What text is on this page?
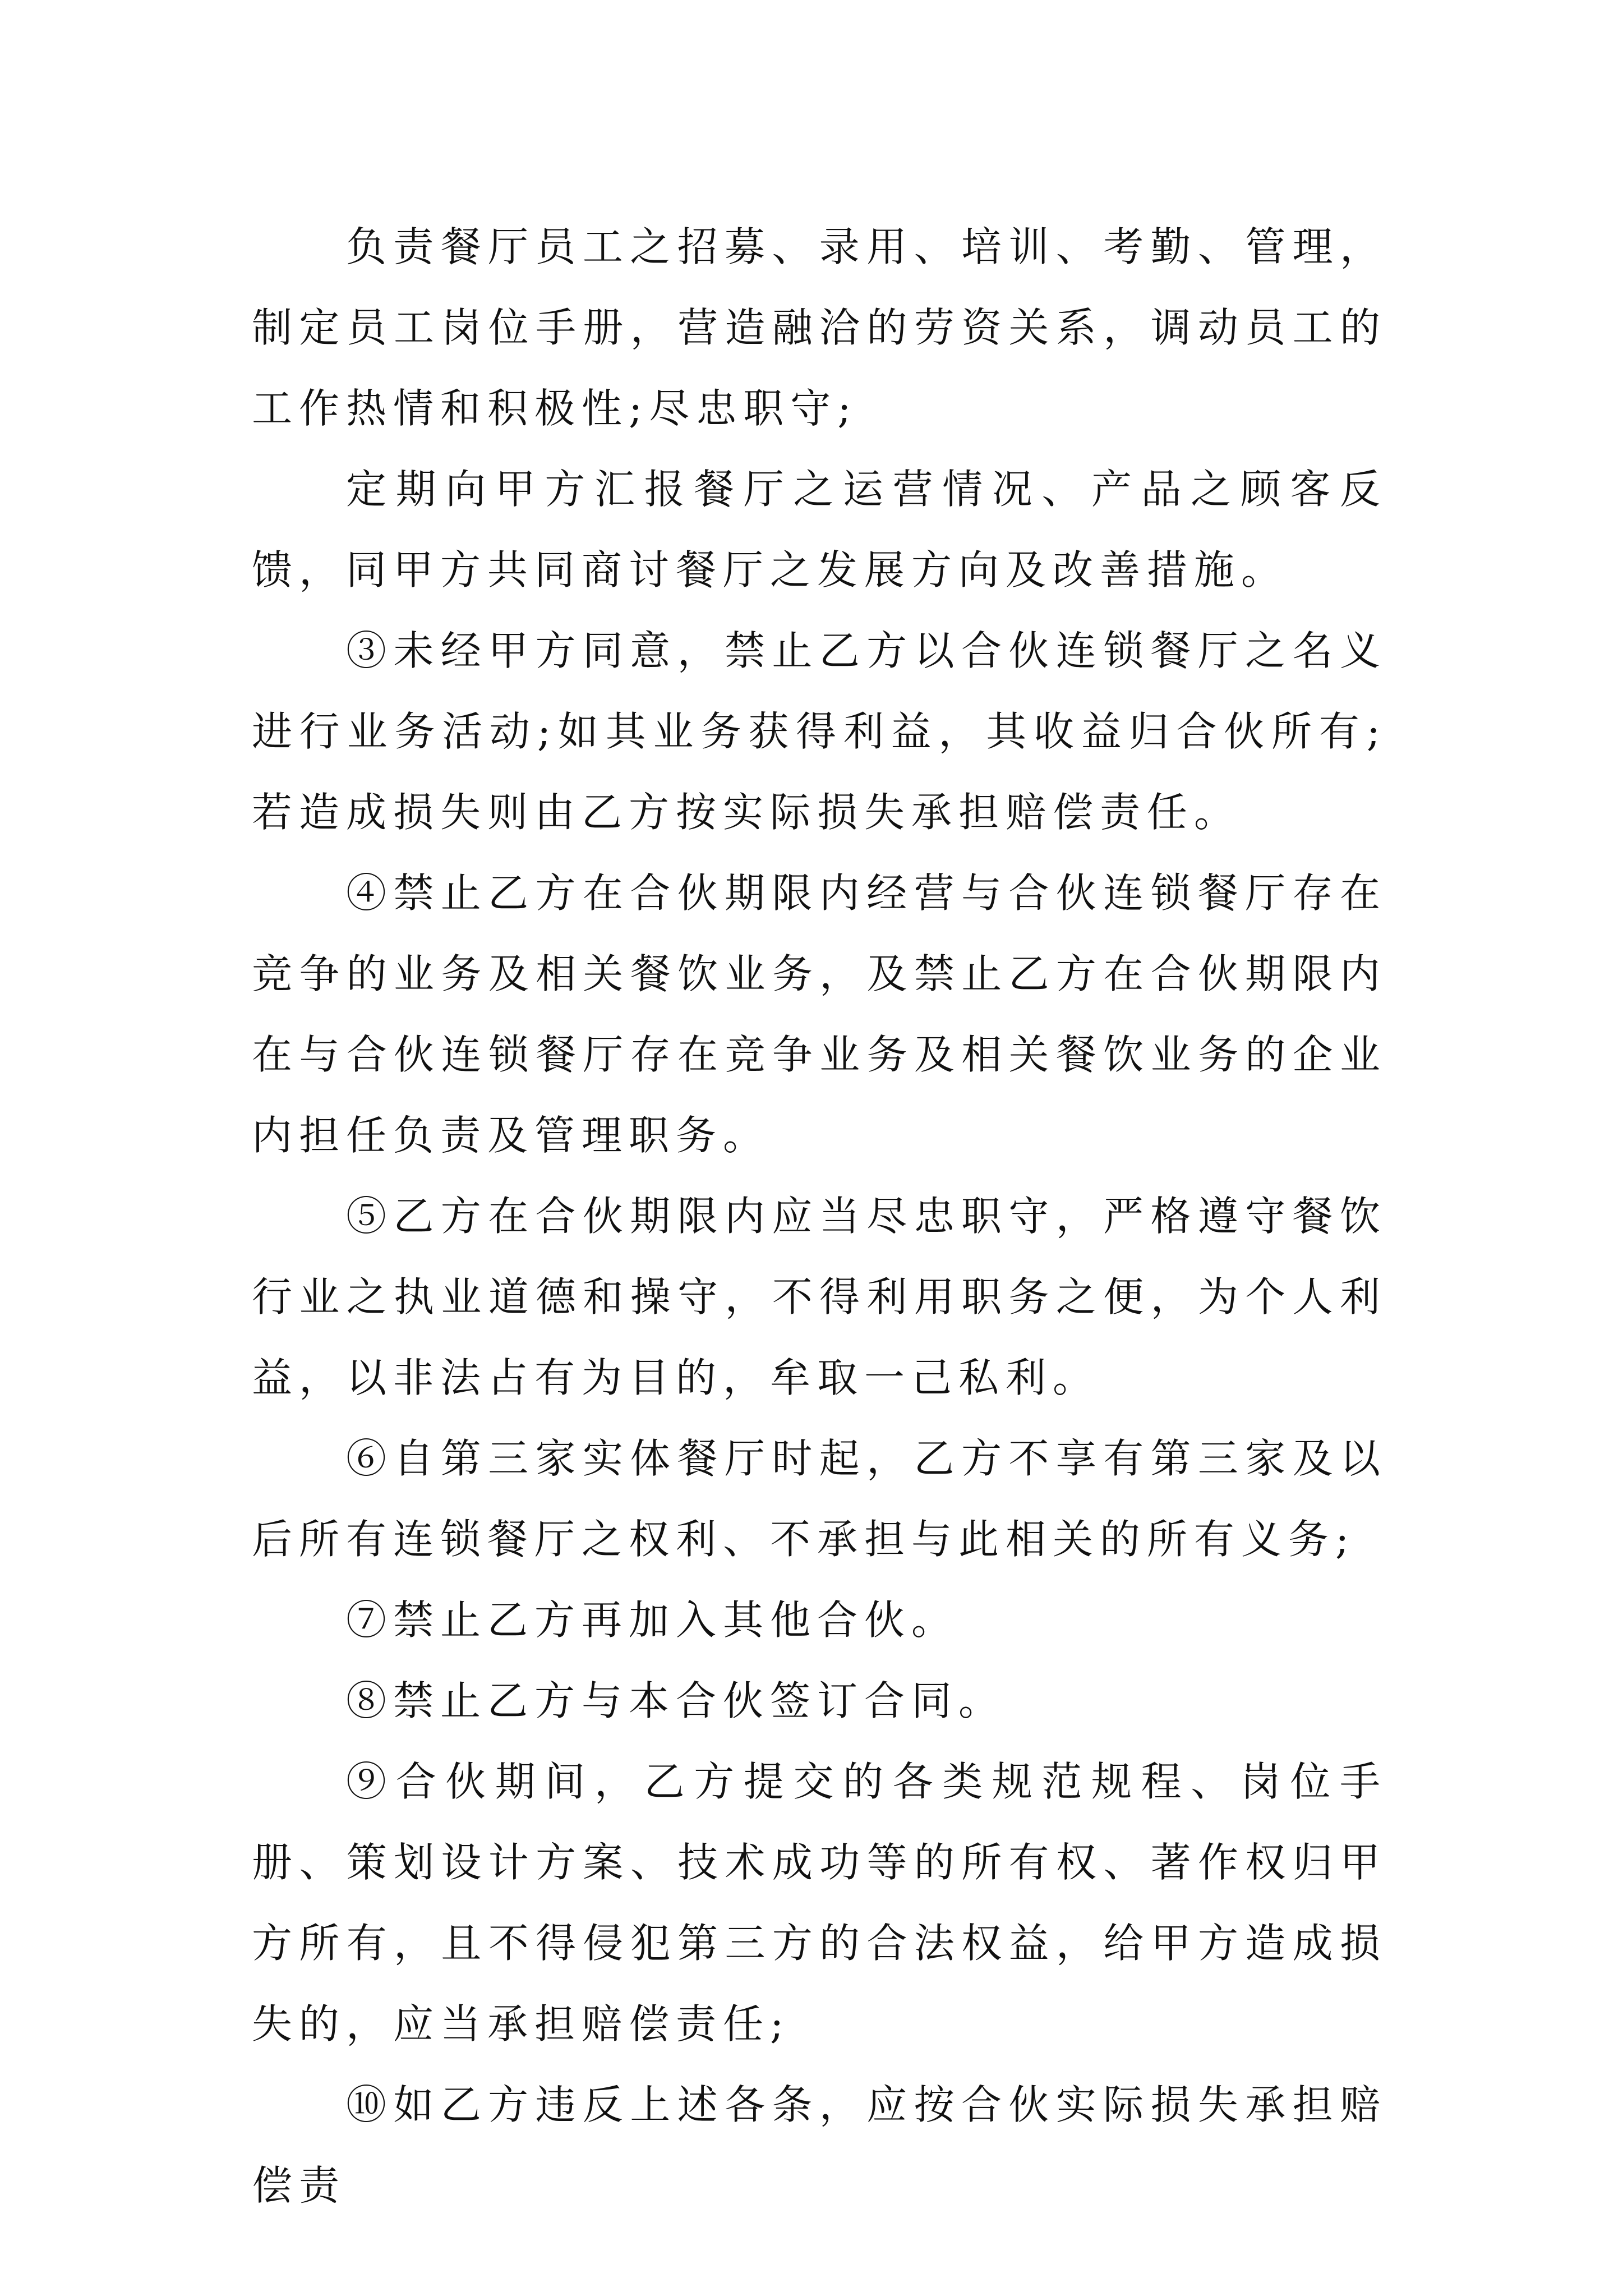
负责餐厅员工之招募、录用、培训、考勤、管理，制定员工岗位手册，营造融洽的劳资关系，调动员工的工作热情和积极性;尽忠职守;

定期向甲方汇报餐厅之运营情况、产品之顾客反馈，同甲方共同商讨餐厅之发展方向及改善措施。

③未经甲方同意，禁止乙方以合伙连锁餐厅之名义进行业务活动;如其业务获得利益，其收益归合伙所有;若造成损失则由乙方按实际损失承担赔偿责任。

④禁止乙方在合伙期限内经营与合伙连锁餐厅存在竞争的业务及相关餐饮业务，及禁止乙方在合伙期限内在与合伙连锁餐厅存在竞争业务及相关餐饮业务的企业内担任负责及管理职务。

⑤乙方在合伙期限内应当尽忠职守，严格遵守餐饮行业之执业道德和操守，不得利用职务之便，为个人利益，以非法占有为目的，牟取一己私利。

⑥自第三家实体餐厅时起，乙方不享有第三家及以后所有连锁餐厅之权利、不承担与此相关的所有义务;

⑦禁止乙方再加入其他合伙。

⑧禁止乙方与本合伙签订合同。

⑨合伙期间，乙方提交的各类规范规程、岗位手册、策划设计方案、技术成功等的所有权、著作权归甲方所有，且不得侵犯第三方的合法权益，给甲方造成损失的，应当承担赔偿责任;

⑩如乙方违反上述各条，应按合伙实际损失承担赔偿责
